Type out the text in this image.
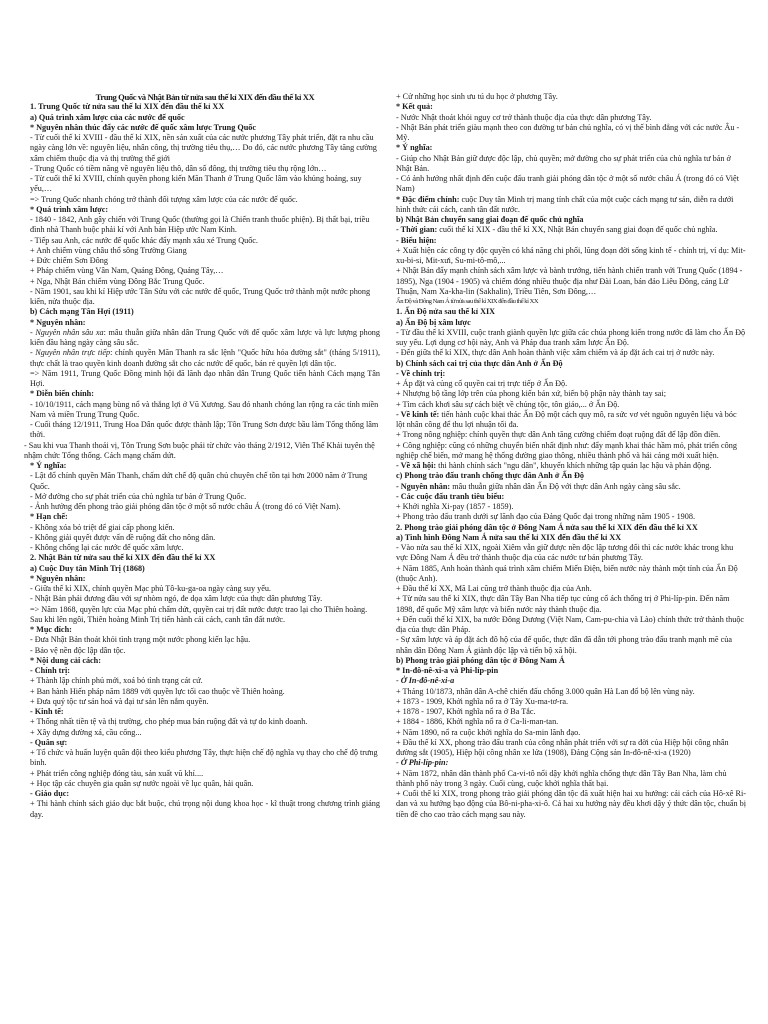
Trung Quốc và Nhật Bản từ nửa sau thế kỉ XIX đến đầu thế kỉ XX
1. Trung Quốc từ nửa sau thế kỉ XIX đến đầu thế kỉ XX
a) Quá trình xâm lược của các nước đế quốc
* Nguyên nhân thúc đẩy các nước đế quốc xâm lược Trung Quốc
- Từ cuối thế kỉ XVIII - đầu thế kỉ XIX, nền sản xuất của các nước phương Tây phát triển, đặt ra nhu cầu ngày càng lớn về: nguyên liệu, nhân công, thị trường tiêu thụ,… Do đó, các nước phương Tây tăng cường xâm chiếm thuộc địa và thị trường thế giới
- Trung Quốc có tiềm năng về nguyên liệu thô, dân số đông, thị trường tiêu thụ rộng lớn…
- Từ cuối thế kỉ XVIII, chính quyền phong kiến Mãn Thanh ở Trung Quốc lâm vào khủng hoảng, suy yếu,…
=> Trung Quốc nhanh chóng trở thành đối tượng xâm lược của các nước đế quốc.
* Quá trình xâm lược:
- 1840 - 1842, Anh gây chiến với Trung Quốc (thường gọi là Chiến tranh thuốc phiện). Bị thất bại, triều đình nhà Thanh buộc phải kí với Anh bản Hiệp ước Nam Kinh.
- Tiếp sau Anh, các nước đế quốc khác đẩy mạnh xâu xé Trung Quốc.
+ Anh chiếm vùng châu thổ sông Trường Giang
+ Đức chiếm Sơn Đông
+ Pháp chiếm vùng Vân Nam, Quảng Đông, Quảng Tây,…
+ Nga, Nhật Bản chiếm vùng Đông Bắc Trung Quốc.
- Năm 1901, sau khi kí Hiệp ước Tân Sửu với các nước đế quốc, Trung Quốc trở thành một nước phong kiến, nửa thuộc địa.
b) Cách mạng Tân Hợi (1911)
* Nguyên nhân:
- Nguyên nhân sâu xa: mâu thuẫn giữa nhân dân Trung Quốc với đế quốc xâm lược và lực lượng phong kiến đầu hàng ngày càng sâu sắc.
- Nguyên nhân trực tiếp: chính quyền Mãn Thanh ra sắc lệnh "Quốc hữu hóa đường sắt" (tháng 5/1911), thực chất là trao quyền kinh doanh đường sắt cho các nước đế quốc, bán rẻ quyền lợi dân tộc.
=> Năm 1911, Trung Quốc Đồng minh hội đã lãnh đạo nhân dân Trung Quốc tiến hành Cách mạng Tân Hợi.
* Diễn biến chính:
- 10/10/1911, cách mạng bùng nổ và thắng lợi ở Vũ Xương. Sau đó nhanh chóng lan rộng ra các tỉnh miền Nam và miền Trung Trung Quốc.
- Cuối tháng 12/1911, Trung Hoa Dân quốc được thành lập; Tôn Trung Sơn được bầu làm Tổng thống lâm thời.
- Sau khi vua Thanh thoái vị, Tôn Trung Sơn buộc phải từ chức vào tháng 2/1912, Viên Thế Khải tuyên thệ nhậm chức Tổng thống. Cách mạng chấm dứt.
* Ý nghĩa:
- Lật đổ chính quyền Mãn Thanh, chấm dứt chế độ quân chủ chuyên chế tồn tại hơn 2000 năm ở Trung Quốc.
- Mở đường cho sự phát triển của chủ nghĩa tư bản ở Trung Quốc.
- Ảnh hưởng đến phong trào giải phóng dân tộc ở một số nước châu Á (trong đó có Việt Nam).
* Hạn chế:
- Không xóa bỏ triệt để giai cấp phong kiến.
- Không giải quyết được vấn đề ruộng đất cho nông dân.
- Không chống lại các nước đế quốc xâm lược.
2. Nhật Bản từ nửa sau thế kỉ XIX đến đầu thế kỉ XX
a) Cuộc Duy tân Minh Trị (1868)
* Nguyên nhân:
- Giữa thế kỉ XIX, chính quyền Mạc phủ Tô-ku-ga-oa ngày càng suy yếu.
- Nhật Bản phải đương đầu với sự nhòm ngó, đe dọa xâm lược của thực dân phương Tây.
=> Năm 1868, quyền lực của Mạc phủ chấm dứt, quyền cai trị đất nước được trao lại cho Thiên hoàng. Sau khi lên ngôi, Thiên hoàng Minh Trị tiến hành cải cách, canh tân đất nước.
* Mục đích:
- Đưa Nhật Bản thoát khỏi tình trạng một nước phong kiến lạc hậu.
- Bảo vệ nền độc lập dân tộc.
* Nội dung cải cách:
- Chính trị:
+ Thành lập chính phủ mới, xoá bỏ tình trạng cát cứ.
+ Ban hành Hiến pháp năm 1889 với quyền lực tối cao thuộc về Thiên hoàng.
+ Đưa quý tộc tư sản hoá và đại tư sản lên nắm quyền.
- Kinh tế:
+ Thống nhất tiền tệ và thị trường, cho phép mua bán ruộng đất và tự do kinh doanh.
+ Xây dựng đường xá, cầu cống...
- Quân sự:
+ Tổ chức và huấn luyện quân đội theo kiểu phương Tây, thực hiện chế độ nghĩa vụ thay cho chế độ trưng binh.
+ Phát triển công nghiệp đóng tàu, sản xuất vũ khí....
+ Học tập các chuyên gia quân sự nước ngoài về lục quân, hải quân.
- Giáo dục:
+ Thi hành chính sách giáo dục bắt buộc, chú trọng nội dung khoa học - kĩ thuật trong chương trình giảng dạy.
+ Cử những học sinh ưu tú du học ở phương Tây.
* Kết quả:
- Nước Nhật thoát khỏi nguy cơ trở thành thuộc địa của thực dân phương Tây.
- Nhật Bản phát triển giàu mạnh theo con đường tư bản chủ nghĩa, có vị thế bình đẳng với các nước Âu - Mỹ.
* Ý nghĩa:
- Giúp cho Nhật Bản giữ được độc lập, chủ quyền; mở đường cho sự phát triển của chủ nghĩa tư bản ở Nhật Bản.
- Có ảnh hưởng nhất định đến cuộc đấu tranh giải phóng dân tộc ở một số nước châu Á (trong đó có Việt Nam)
* Đặc điểm chính: cuộc Duy tân Minh trị mang tính chất của một cuộc cách mạng tư sản, diễn ra dưới hình thức cải cách, canh tân đất nước.
b) Nhật Bản chuyển sang giai đoạn đế quốc chủ nghĩa
- Thời gian: cuối thế kỉ XIX - đầu thế kỉ XX, Nhật Bản chuyển sang giai đoạn đế quốc chủ nghĩa.
- Biểu hiện:
+ Xuất hiện các công ty độc quyền có khả năng chi phối, lũng đoạn đời sống kinh tế - chính trị, ví dụ: Mit-xu-bi-si, Mit-xưi, Su-mi-tô-mô,...
+ Nhật Bản đẩy mạnh chính sách xâm lược và bành trướng, tiến hành chiến tranh với Trung Quốc (1894 - 1895), Nga (1904 - 1905) và chiếm đóng nhiều thuộc địa như Đài Loan, bán đảo Liêu Đông, cảng Lữ Thuận, Nam Xa-kha-lin (Sakhalin), Triều Tiên, Sơn Đông,…
Ấn Độ và Đông Nam Á từ nửa sau thế kỉ XIX đến đầu thế kỉ XX
1. Ấn Độ nửa sau thế kỉ XIX
a) Ấn Độ bị xâm lược
- Từ đầu thế kỉ XVIII, cuộc tranh giành quyền lực giữa các chúa phong kiến trong nước đã làm cho Ấn Độ suy yếu. Lợi dụng cơ hội này, Anh và Pháp đua tranh xâm lược Ấn Độ.
- Đến giữa thế kỉ XIX, thực dân Anh hoàn thành việc xâm chiếm và áp đặt ách cai trị ở nước này.
b) Chính sách cai trị của thực dân Anh ở Ấn Độ
- Về chính trị:
+ Áp đặt và củng cố quyền cai trị trực tiếp ở Ấn Độ.
+ Nhượng bộ tầng lớp trên của phong kiến bản xứ, biến bộ phận này thành tay sai;
+ Tìm cách khơi sâu sự cách biệt về chủng tộc, tôn giáo,... ở Ấn Độ.
- Về kinh tế: tiến hành cuộc khai thác Ấn Độ một cách quy mô, ra sức vơ vét nguồn nguyên liệu và bóc lột nhân công để thu lợi nhuận tối đa.
+ Trong nông nghiệp: chính quyền thực dân Anh tăng cường chiếm đoạt ruộng đất để lập đồn điền.
+ Công nghiệp: cũng có những chuyển biến nhất định như: đẩy mạnh khai thác hầm mỏ, phát triển công nghiệp chế biến, mở mang hệ thống đường giao thông, nhiều thành phố và hải cảng mới xuất hiện.
- Về xã hội: thi hành chính sách "ngu dân", khuyến khích những tập quán lạc hậu và phản động.
c) Phong trào đấu tranh chống thực dân Anh ở Ấn Độ
- Nguyên nhân: mâu thuẫn giữa nhân dân Ấn Độ với thực dân Anh ngày càng sâu sắc.
- Các cuộc đấu tranh tiêu biểu:
+ Khởi nghĩa Xi-pay (1857 - 1859).
+ Phong trào đấu tranh dưới sự lãnh đạo của Đảng Quốc đại trong những năm 1905 - 1908.
2. Phong trào giải phóng dân tộc ở Đông Nam Á nửa sau thế kỉ XIX đến đầu thế kỉ XX
a) Tình hình Đông Nam Á nửa sau thế kỉ XIX đến đầu thế kỉ XX
- Vào nửa sau thế kỉ XIX, ngoài Xiêm vẫn giữ được nền độc lập tương đối thì các nước khác trong khu vực Đông Nam Á đều trở thành thuộc địa của các nước tư bản phương Tây.
+ Năm 1885, Anh hoàn thành quá trình xâm chiếm Miến Điện, biến nước này thành một tỉnh của Ấn Độ (thuộc Anh).
+ Đầu thế kỉ XX, Mã Lai cũng trở thành thuộc địa của Anh.
+ Từ nửa sau thế kỉ XIX, thực dân Tây Ban Nha tiếp tục củng cố ách thống trị ở Phi-líp-pin. Đến năm 1898, đế quốc Mỹ xâm lược và biến nước này thành thuộc địa.
+ Đến cuối thế kỉ XIX, ba nước Đông Dương (Việt Nam, Cam-pu-chia và Lào) chính thức trở thành thuộc địa của thực dân Pháp.
- Sự xâm lược và áp đặt ách đô hộ của đế quốc, thực dân đã dẫn tới phong trào đấu tranh mạnh mẽ của nhân dân Đông Nam Á giành độc lập và tiến bộ xã hội.
b) Phong trào giải phóng dân tộc ở Đông Nam Á
* In-đô-nê-xi-a và Phi-líp-pin
- Ở In-đô-nê-xi-a
+ Tháng 10/1873, nhân dân A-chê chiến đấu chống 3.000 quân Hà Lan đổ bộ lên vùng này.
+ 1873 - 1909, Khởi nghĩa nổ ra ở Tây Xu-ma-tơ-ra.
+ 1878 - 1907, Khởi nghĩa nổ ra ở Ba Tắc.
+ 1884 - 1886, Khởi nghĩa nổ ra ở Ca-li-man-tan.
+ Năm 1890, nổ ra cuộc khởi nghĩa do Sa-min lãnh đạo.
+ Đầu thế kỉ XX, phong trào đấu tranh của công nhân phát triển với sự ra đời của Hiệp hội công nhân đường sắt (1905), Hiệp hội công nhân xe lửa (1908), Đảng Cộng sản In-đô-nê-xi-a (1920)
- Ở Phi-líp-pin:
+ Năm 1872, nhân dân thành phố Ca-vi-tô nổi dậy khởi nghĩa chống thực dân Tây Ban Nha, làm chủ thành phố này trong 3 ngày. Cuối cùng, cuộc khởi nghĩa thất bại.
+ Cuối thế kỉ XIX, trong phong trào giải phóng dân tộc đã xuất hiện hai xu hướng: cải cách của Hô-xê Ri-dan và xu hướng bạo động của Bô-ni-pha-xi-ô. Cả hai xu hướng này đều khơi dậy ý thức dân tộc, chuẩn bị tiền đề cho cao trào cách mạng sau này.
